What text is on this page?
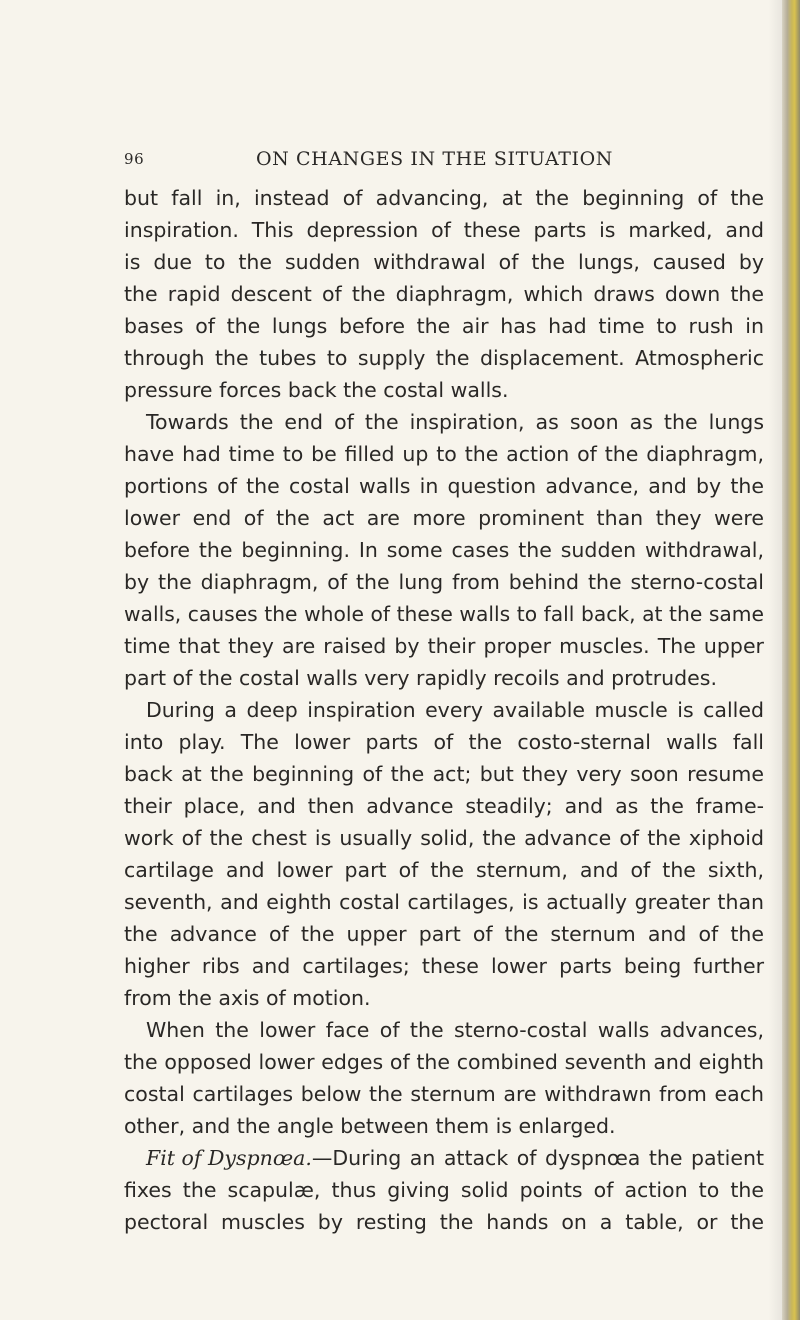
96	ON CHANGES IN THE SITUATION
but fall in, instead of advancing, at the beginning of the
inspiration. This depression of these parts is marked, and
is due to the sudden withdrawal of the lungs, caused by
the rapid descent of the diaphragm, which draws down the
bases of the lungs before the air has had time to rush in
through the tubes to supply the displacement. Atmospheric
pressure forces back the costal walls.
Towards the end of the inspiration, as soon as the lungs
have had time to be filled up to the action of the diaphragm,
portions of the costal walls in question advance, and by the
lower end of the act are more prominent than they were
before the beginning. In some cases the sudden withdrawal,
by the diaphragm, of the lung from behind the sterno-costal
walls, causes the whole of these walls to fall back, at the same
time that they are raised by their proper muscles. The upper
part of the costal walls very rapidly recoils and protrudes.
During a deep inspiration every available muscle is called
into play. The lower parts of the costo-sternal walls fall
back at the beginning of the act; but they very soon resume
their place, and then advance steadily; and as the frame-
work of the chest is usually solid, the advance of the xiphoid
cartilage and lower part of the sternum, and of the sixth,
seventh, and eighth costal cartilages, is actually greater than
the advance of the upper part of the sternum and of the
higher ribs and cartilages; these lower parts being further
from the axis of motion.
When the lower face of the sterno-costal walls advances,
the opposed lower edges of the combined seventh and eighth
costal cartilages below the sternum are withdrawn from each
other, and the angle between them is enlarged.
Fit of Dyspnœa. —During an attack of dyspnœa the patient
fixes the scapulæ, thus giving solid points of action to the
pectoral muscles by resting the hands on a table, or the
